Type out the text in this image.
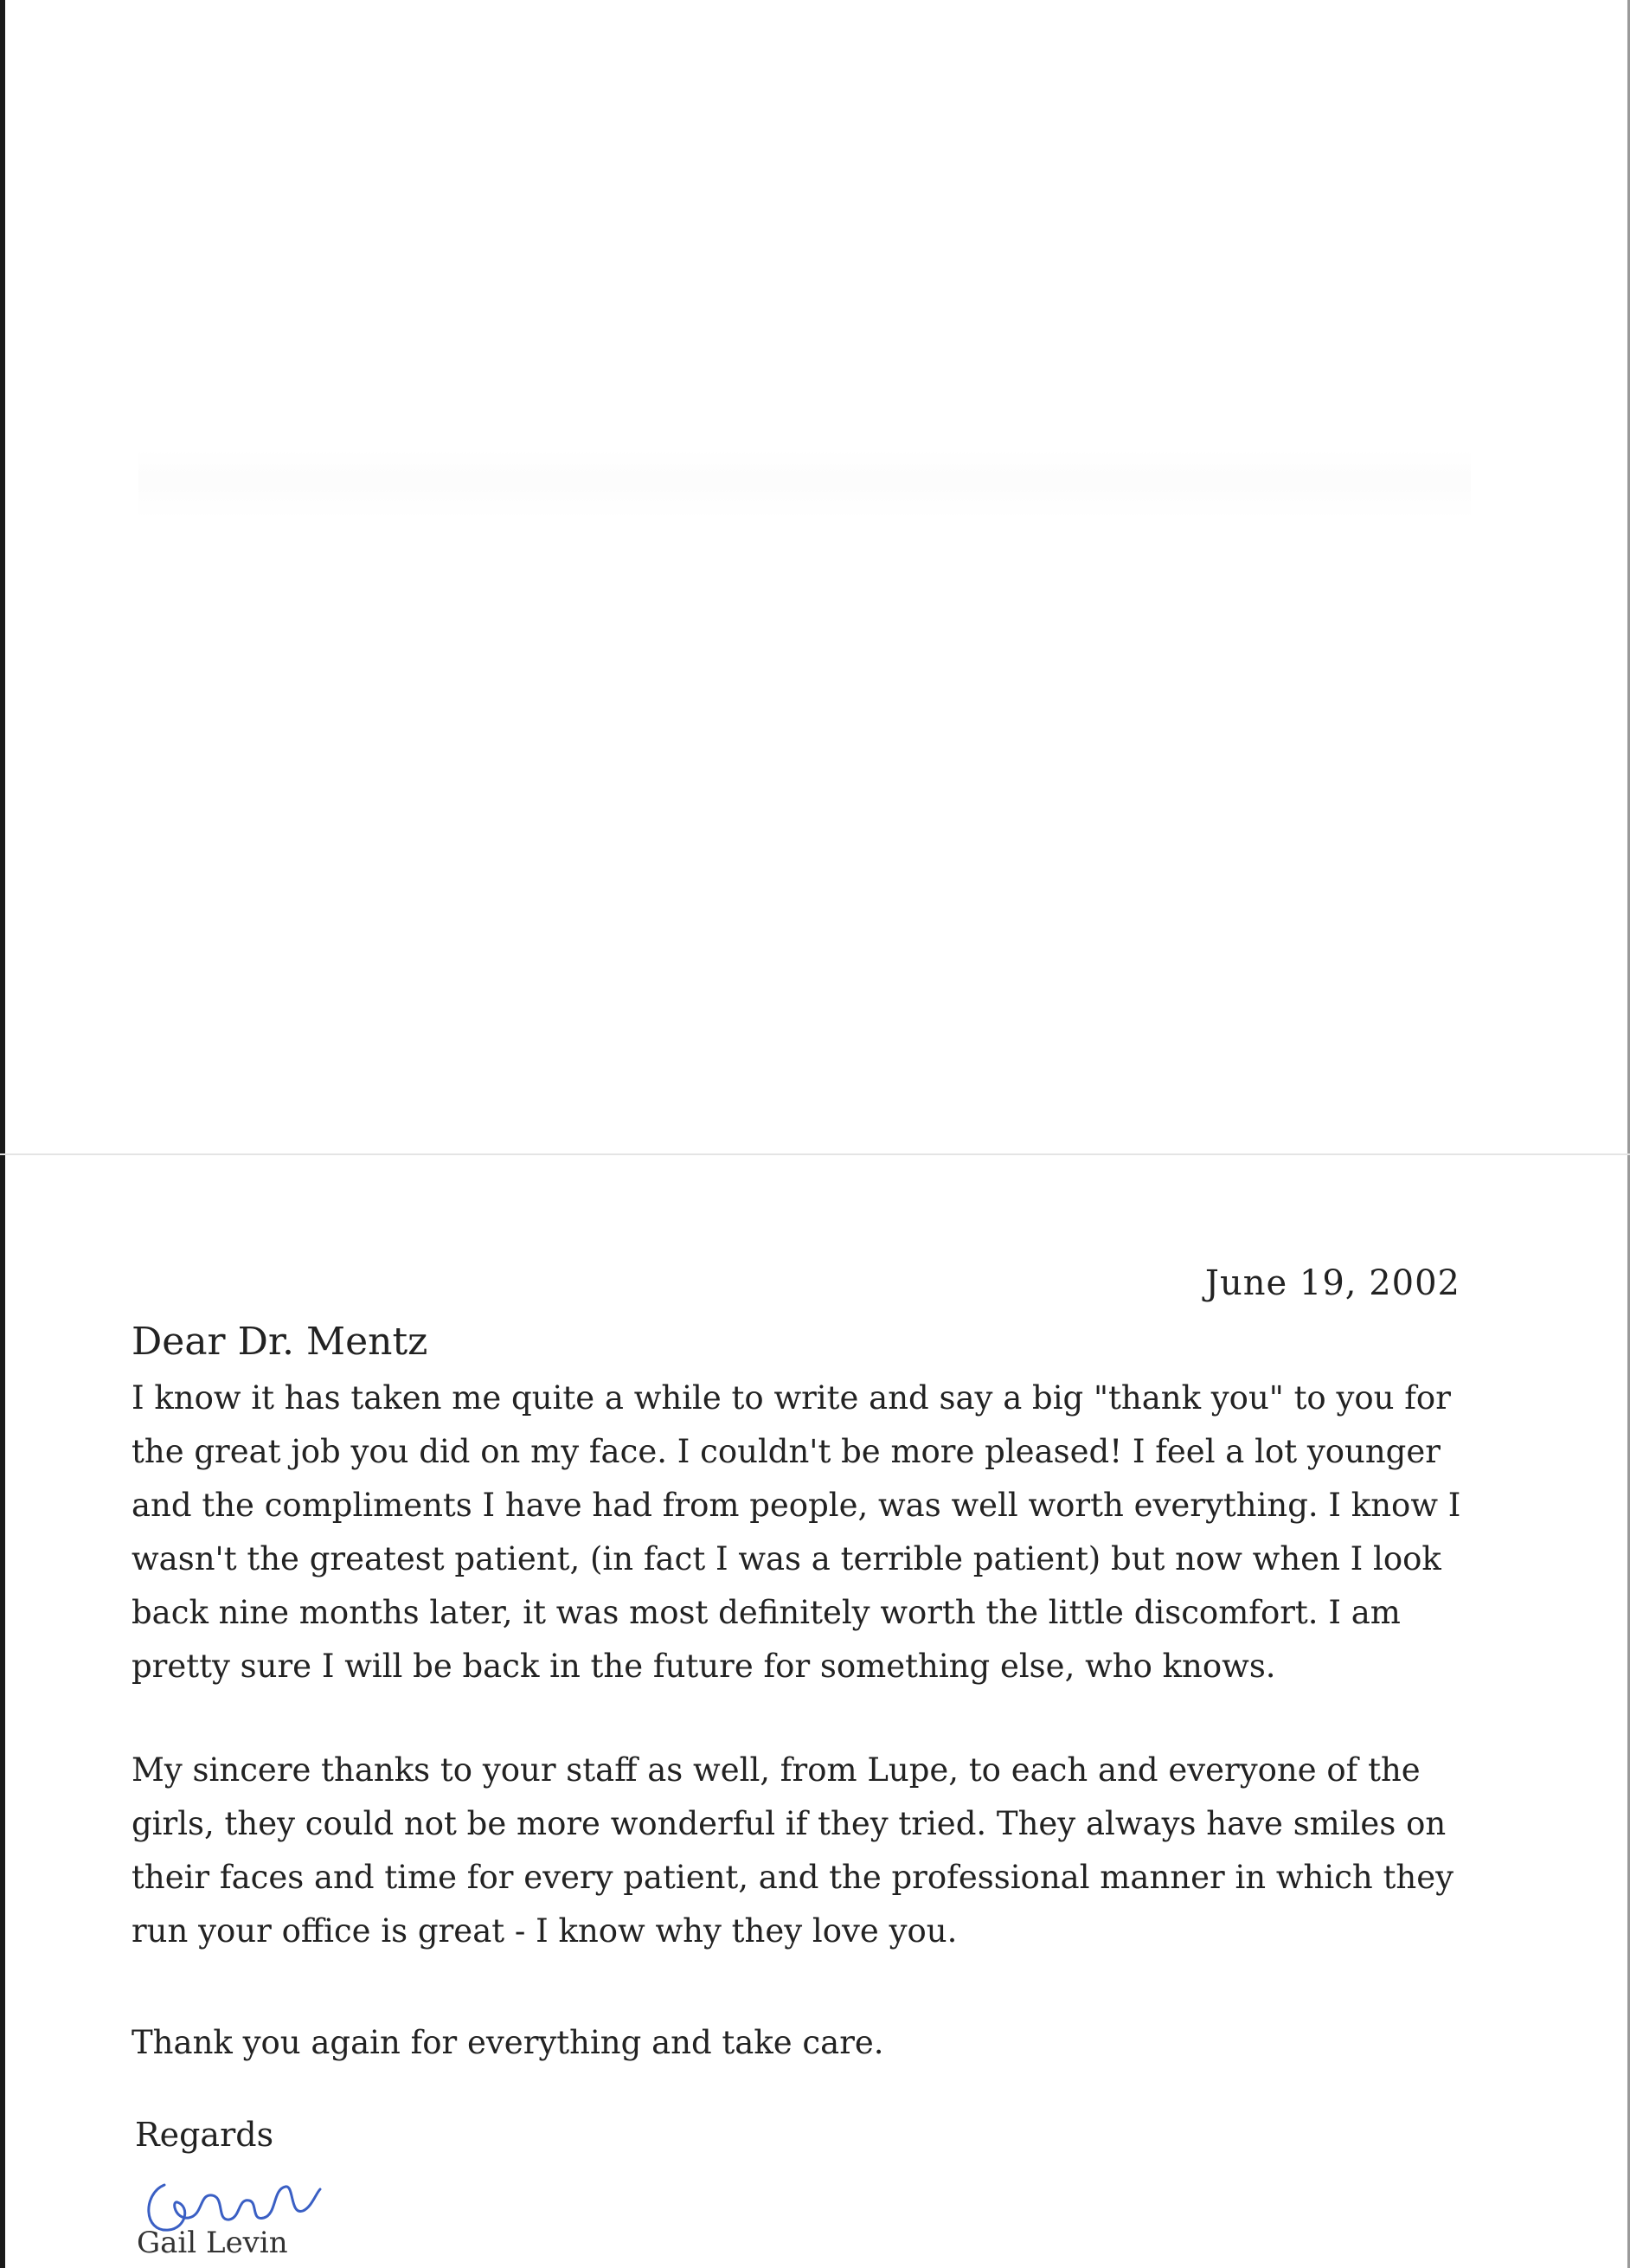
June 19, 2002
Dear Dr. Mentz

I know it has taken me quite a while to write and say a big "thank you" to you for the great job you did on my face. I couldn't be more pleased! I feel a lot younger and the compliments I have had from people, was well worth everything. I know I wasn't the greatest patient, (in fact I was a terrible patient) but now when I look back nine months later, it was most definitely worth the little discomfort. I am pretty sure I will be back in the future for something else, who knows.

My sincere thanks to your staff as well, from Lupe, to each and everyone of the girls, they could not be more wonderful if they tried. They always have smiles on their faces and time for every patient, and the professional manner in which they run your office is great - I know why they love you.

Thank you again for everything and take care.

Regards
Gail Levin
